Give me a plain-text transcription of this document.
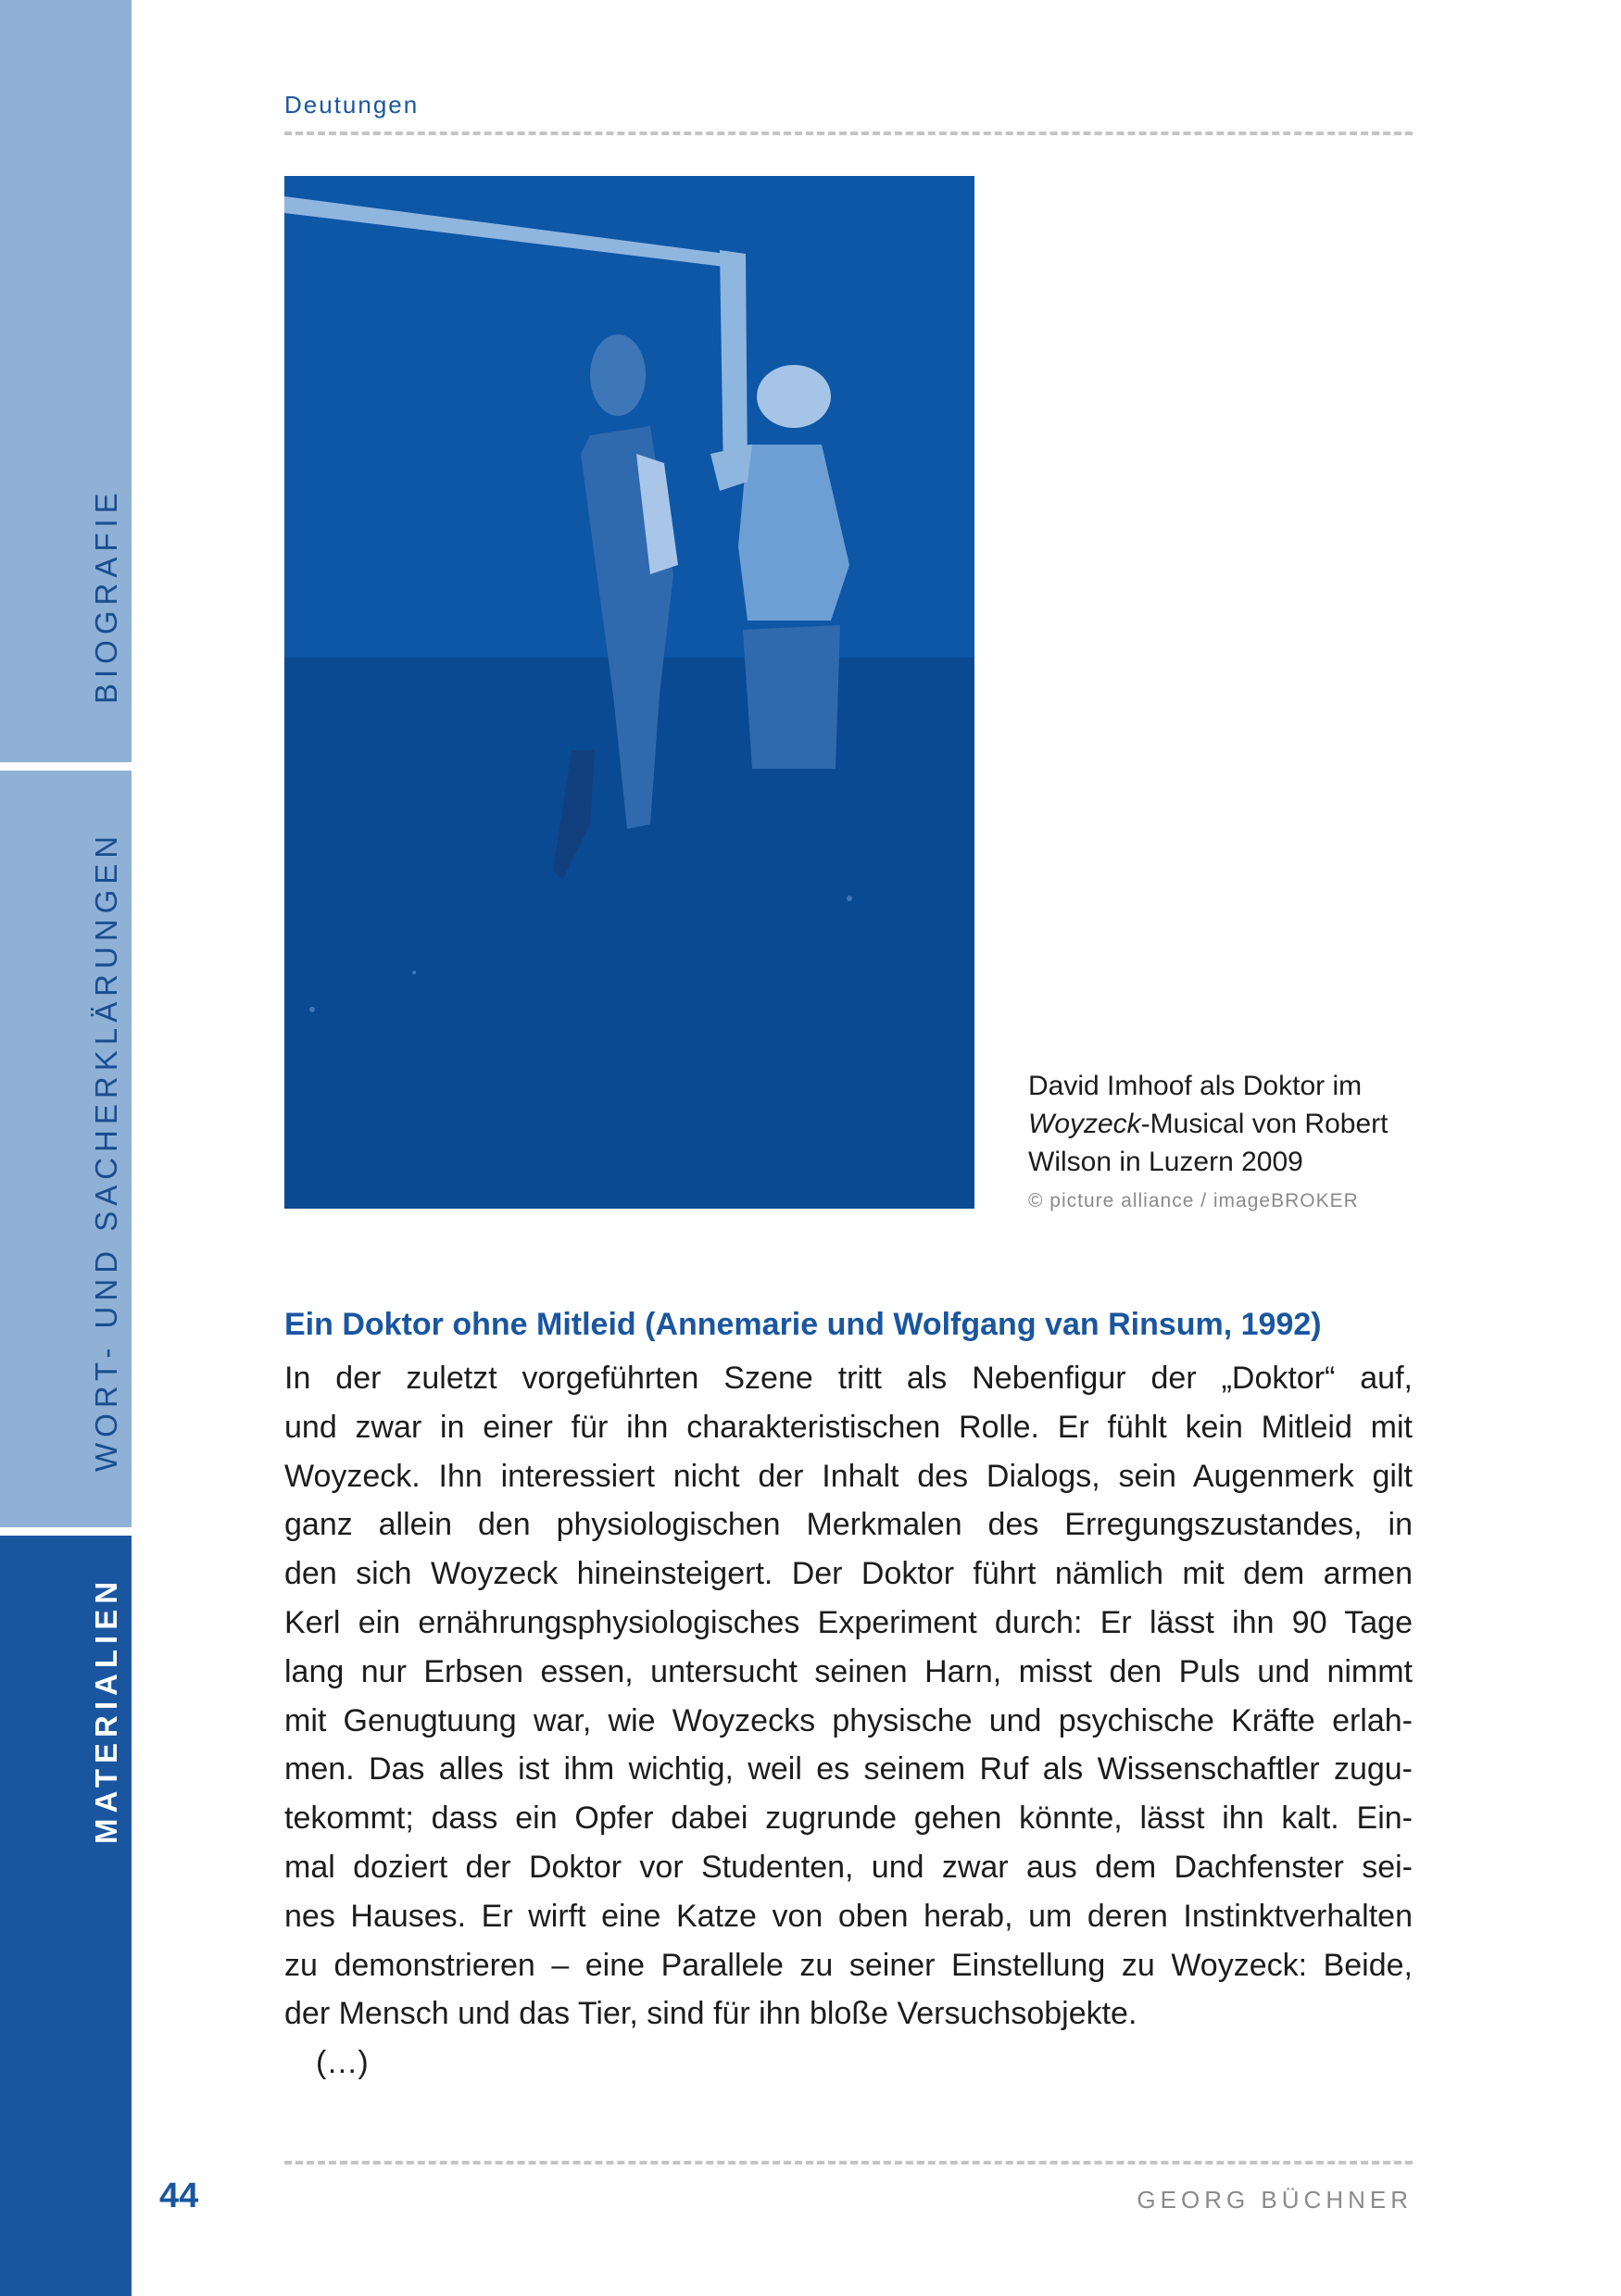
BIOGRAFIE
WORT- UND SACHERKLÄRUNGEN
MATERIALIEN
Deutungen
David Imhoof als Doktor im
Woyzeck-Musical von Robert
Wilson in Luzern 2009
© picture alliance / imageBROKER
Ein Doktor ohne Mitleid (Annemarie und Wolfgang van Rinsum, 1992)
In der zuletzt vorgeführten Szene tritt als Nebenfigur der „Doktor“ auf,
und zwar in einer für ihn charakteristischen Rolle. Er fühlt kein Mitleid mit
Woyzeck. Ihn interessiert nicht der Inhalt des Dialogs, sein Augenmerk gilt
ganz allein den physiologischen Merkmalen des Erregungszustandes, in
den sich Woyzeck hineinsteigert. Der Doktor führt nämlich mit dem armen
Kerl ein ernährungsphysiologisches Experiment durch: Er lässt ihn 90 Tage
lang nur Erbsen essen, untersucht seinen Harn, misst den Puls und nimmt
mit Genugtuung war, wie Woyzecks physische und psychische Kräfte erlah-
men. Das alles ist ihm wichtig, weil es seinem Ruf als Wissenschaftler zugu-
tekommt; dass ein Opfer dabei zugrunde gehen könnte, lässt ihn kalt. Ein-
mal doziert der Doktor vor Studenten, und zwar aus dem Dachfenster sei-
nes Hauses. Er wirft eine Katze von oben herab, um deren Instinktverhalten
zu demonstrieren – eine Parallele zu seiner Einstellung zu Woyzeck: Beide,
der Mensch und das Tier, sind für ihn bloße Versuchsobjekte.
(…)
44	GEORG BÜCHNER
